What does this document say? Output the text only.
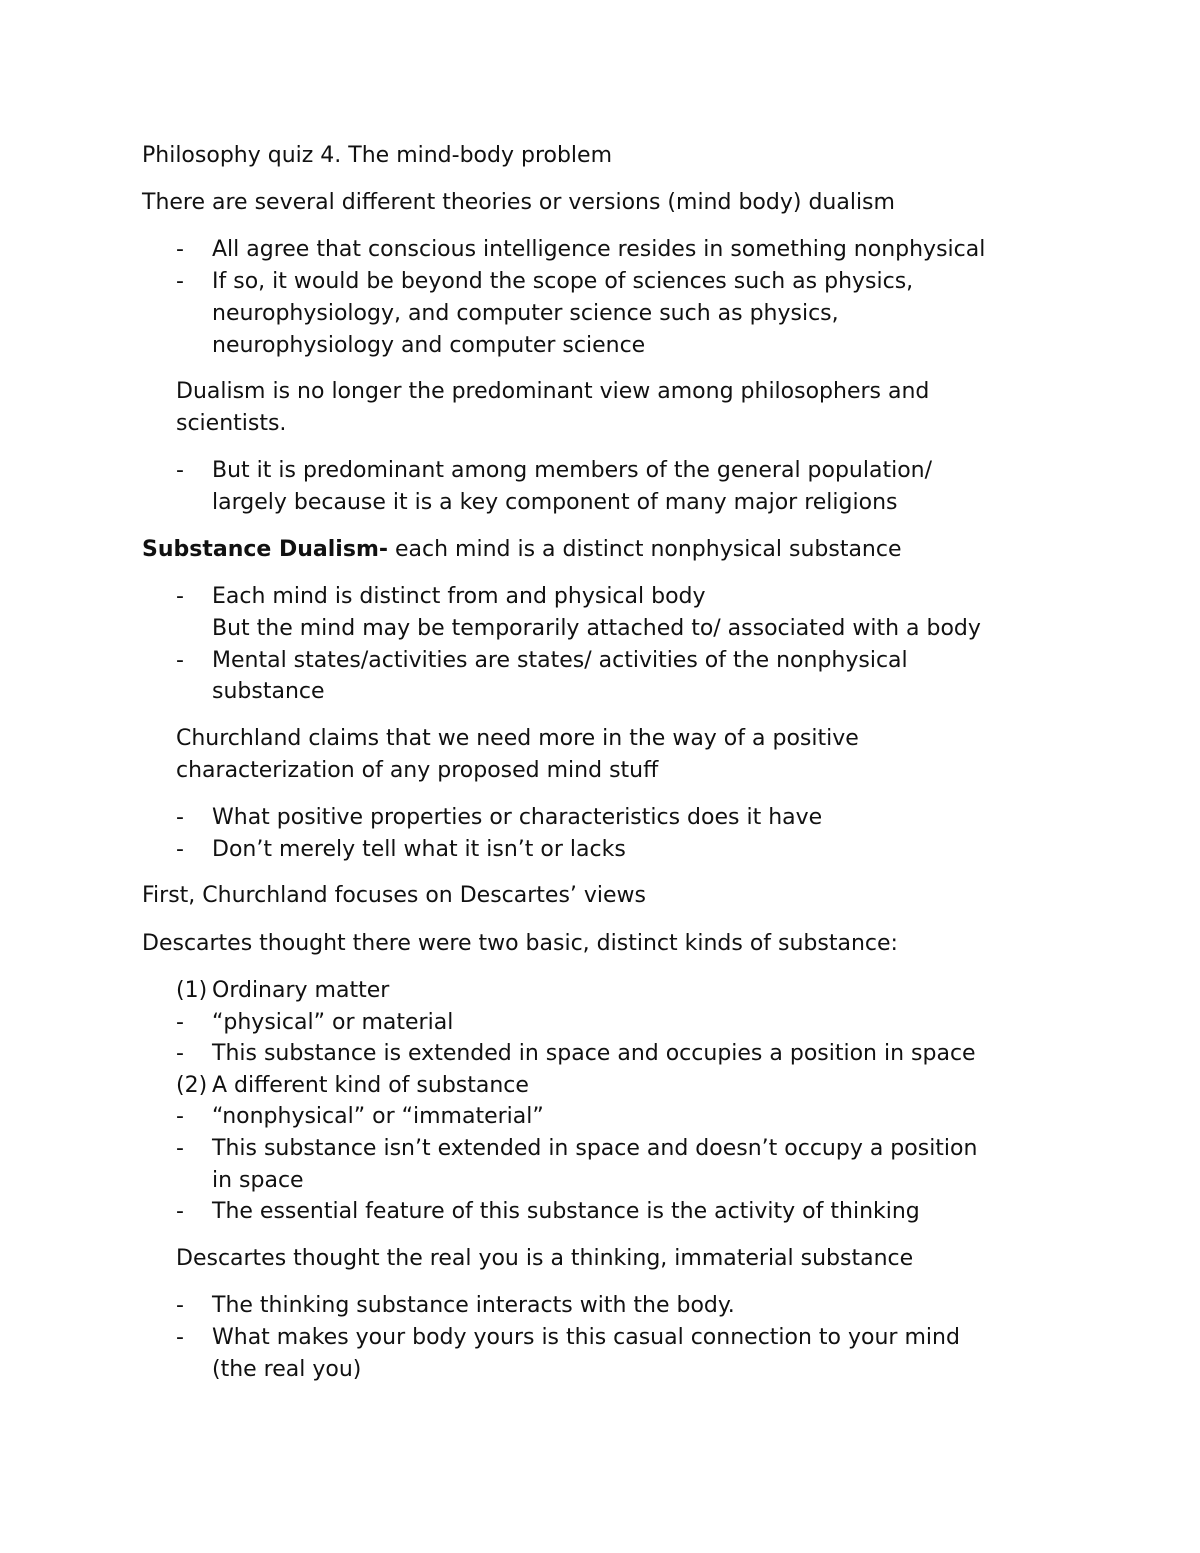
Philosophy quiz 4. The mind-body problem
There are several different theories or versions (mind body) dualism
- All agree that conscious intelligence resides in something nonphysical
- If so, it would be beyond the scope of sciences such as physics,
neurophysiology, and computer science such as physics,
neurophysiology and computer science
Dualism is no longer the predominant view among philosophers and
scientists.
- But it is predominant among members of the general population/
largely because it is a key component of many major religions
Substance Dualism- each mind is a distinct nonphysical substance
- Each mind is distinct from and physical body
But the mind may be temporarily attached to/ associated with a body
- Mental states/activities are states/ activities of the nonphysical
substance
Churchland claims that we need more in the way of a positive
characterization of any proposed mind stuff
- What positive properties or characteristics does it have
- Don’t merely tell what it isn’t or lacks
First, Churchland focuses on Descartes’ views
Descartes thought there were two basic, distinct kinds of substance:
(1) Ordinary matter
- “physical” or material
- This substance is extended in space and occupies a position in space
(2) A different kind of substance
- “nonphysical” or “immaterial”
- This substance isn’t extended in space and doesn’t occupy a position
in space
- The essential feature of this substance is the activity of thinking
Descartes thought the real you is a thinking, immaterial substance
- The thinking substance interacts with the body.
- What makes your body yours is this casual connection to your mind
(the real you)
